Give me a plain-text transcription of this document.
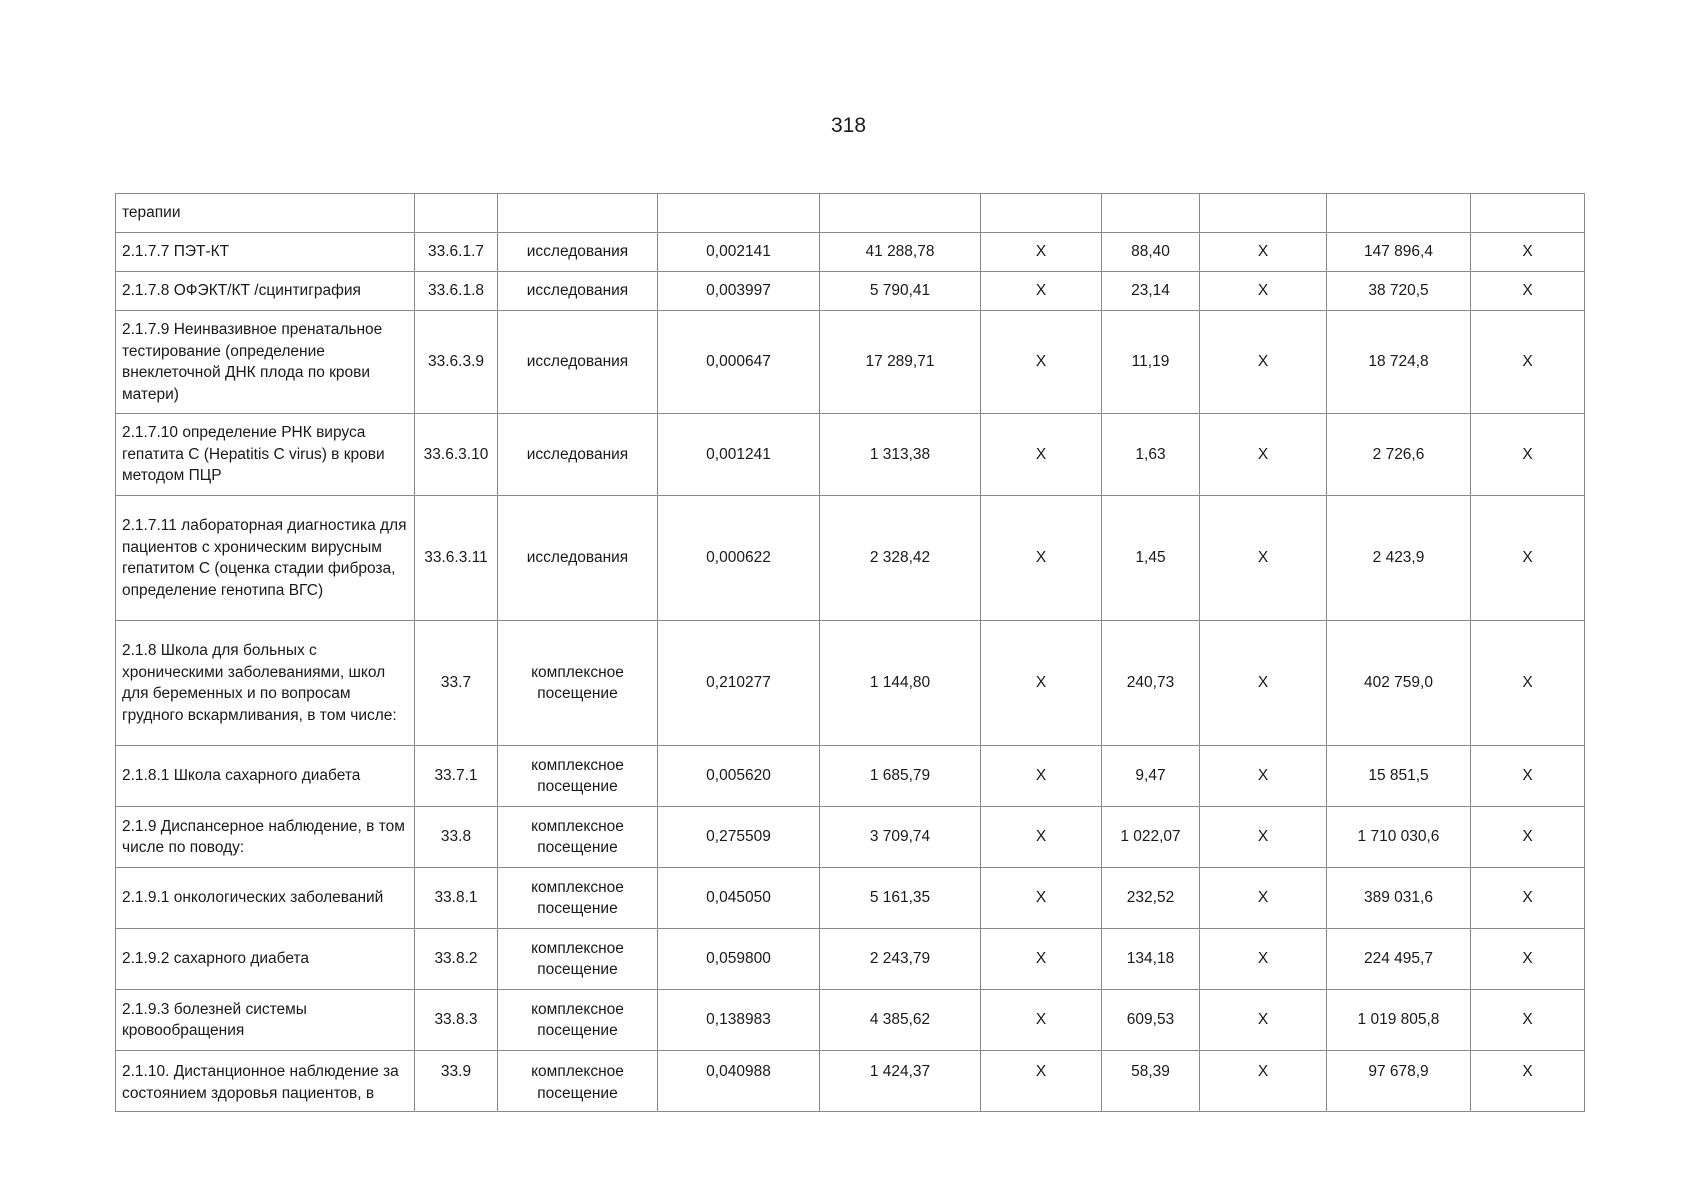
318
терапии									
2.1.7.7 ПЭТ-КТ	33.6.1.7	исследования	0,002141	41 288,78	X	88,40	X	147 896,4	X
2.1.7.8 ОФЭКТ/КТ /сцинтиграфия	33.6.1.8	исследования	0,003997	5 790,41	X	23,14	X	38 720,5	X
2.1.7.9 Неинвазивное пренатальное тестирование (определение внеклеточной ДНК плода по крови матери)	33.6.3.9	исследования	0,000647	17 289,71	X	11,19	X	18 724,8	X
2.1.7.10 определение РНК вируса гепатита С (Hepatitis C virus) в крови методом ПЦР	33.6.3.10	исследования	0,001241	1 313,38	X	1,63	X	2 726,6	X
2.1.7.11 лабораторная диагностика для пациентов с хроническим вирусным гепатитом С (оценка стадии фиброза, определение генотипа ВГС)	33.6.3.11	исследования	0,000622	2 328,42	X	1,45	X	2 423,9	X
2.1.8 Школа для больных с хроническими заболеваниями, школ для беременных и по вопросам грудного вскармливания, в том числе:	33.7	комплексное посещение	0,210277	1 144,80	X	240,73	X	402 759,0	X
2.1.8.1 Школа сахарного диабета	33.7.1	комплексное посещение	0,005620	1 685,79	X	9,47	X	15 851,5	X
2.1.9 Диспансерное наблюдение, в том числе по поводу:	33.8	комплексное посещение	0,275509	3 709,74	X	1 022,07	X	1 710 030,6	X
2.1.9.1 онкологических заболеваний	33.8.1	комплексное посещение	0,045050	5 161,35	X	232,52	X	389 031,6	X
2.1.9.2 сахарного диабета	33.8.2	комплексное посещение	0,059800	2 243,79	X	134,18	X	224 495,7	X
2.1.9.3 болезней системы кровообращения	33.8.3	комплексное посещение	0,138983	4 385,62	X	609,53	X	1 019 805,8	X
2.1.10. Дистанционное наблюдение за состоянием здоровья пациентов, в	33.9	комплексное посещение	0,040988	1 424,37	X	58,39	X	97 678,9	X
